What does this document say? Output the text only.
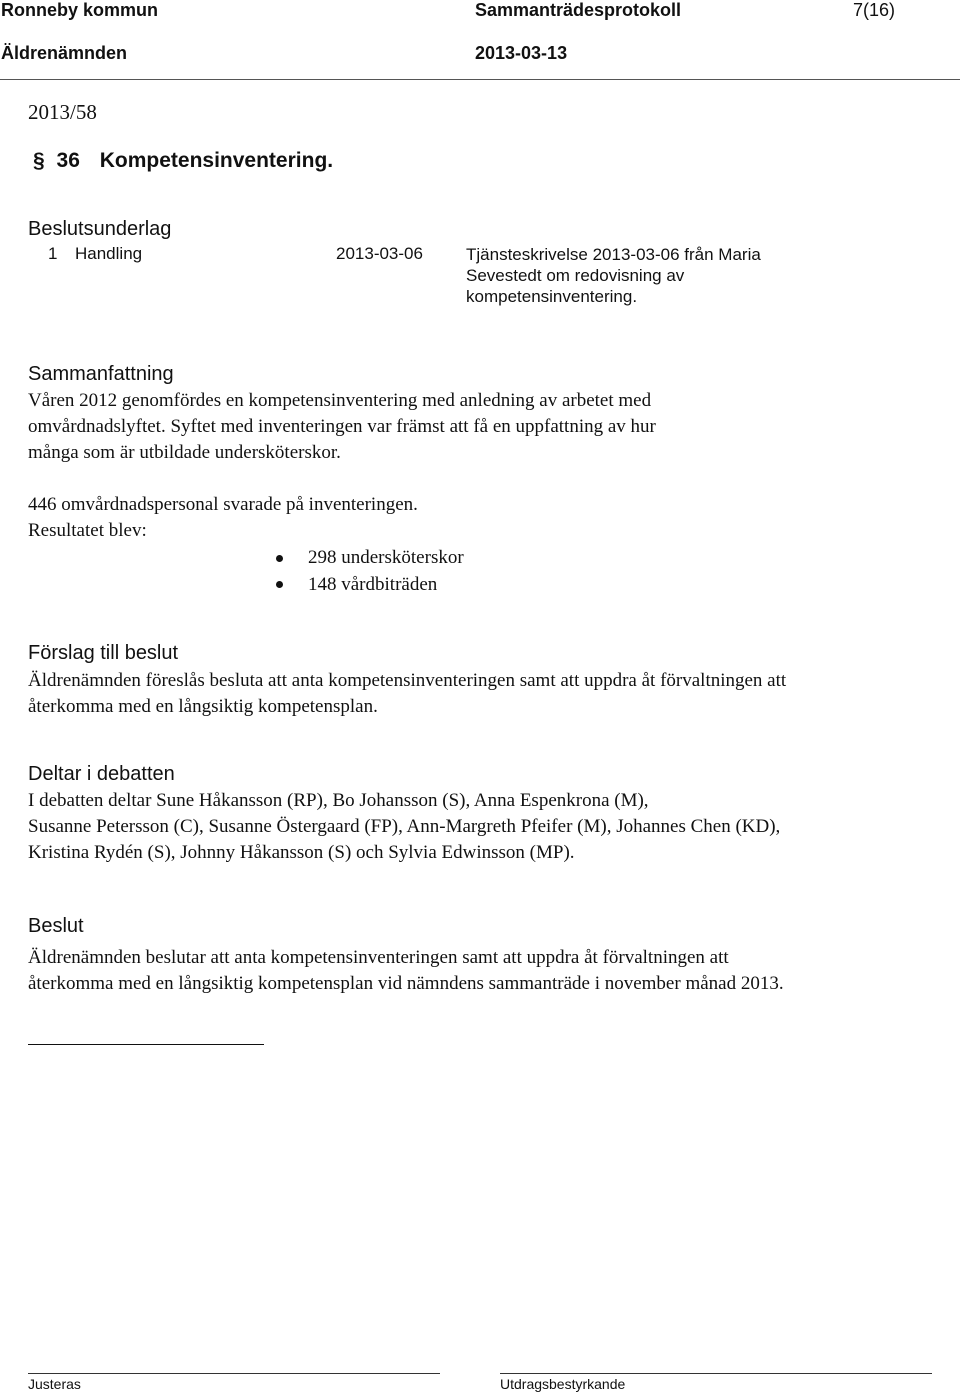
Ronneby kommun	Sammanträdesprotokoll	7(16)
Äldrenämnden	2013-03-13
2013/58
§ 36 Kompetensinventering.
Beslutsunderlag
1 Handling	2013-03-06	Tjänsteskrivelse 2013-03-06 från Maria
Sevestedt om redovisning av
kompetensinventering.
Sammanfattning
Våren 2012 genomfördes en kompetensinventering med anledning av arbetet med
omvårdnadslyftet. Syftet med inventeringen var främst att få en uppfattning av hur
många som är utbildade undersköterskor.
446 omvårdnadspersonal svarade på inventeringen.
Resultatet blev:
298 undersköterskor
148 vårdbiträden
Förslag till beslut
Äldrenämnden föreslås besluta att anta kompetensinventeringen samt att uppdra åt förvaltningen att
återkomma med en långsiktig kompetensplan.
Deltar i debatten
I debatten deltar Sune Håkansson (RP), Bo Johansson (S), Anna Espenkrona (M),
Susanne Petersson (C), Susanne Östergaard (FP), Ann-Margreth Pfeifer (M), Johannes Chen (KD),
Kristina Rydén (S), Johnny Håkansson (S) och Sylvia Edwinsson (MP).
Beslut
Äldrenämnden beslutar att anta kompetensinventeringen samt att uppdra åt förvaltningen att
återkomma med en långsiktig kompetensplan vid nämndens sammanträde i november månad 2013.
Justeras	Utdragsbestyrkande
